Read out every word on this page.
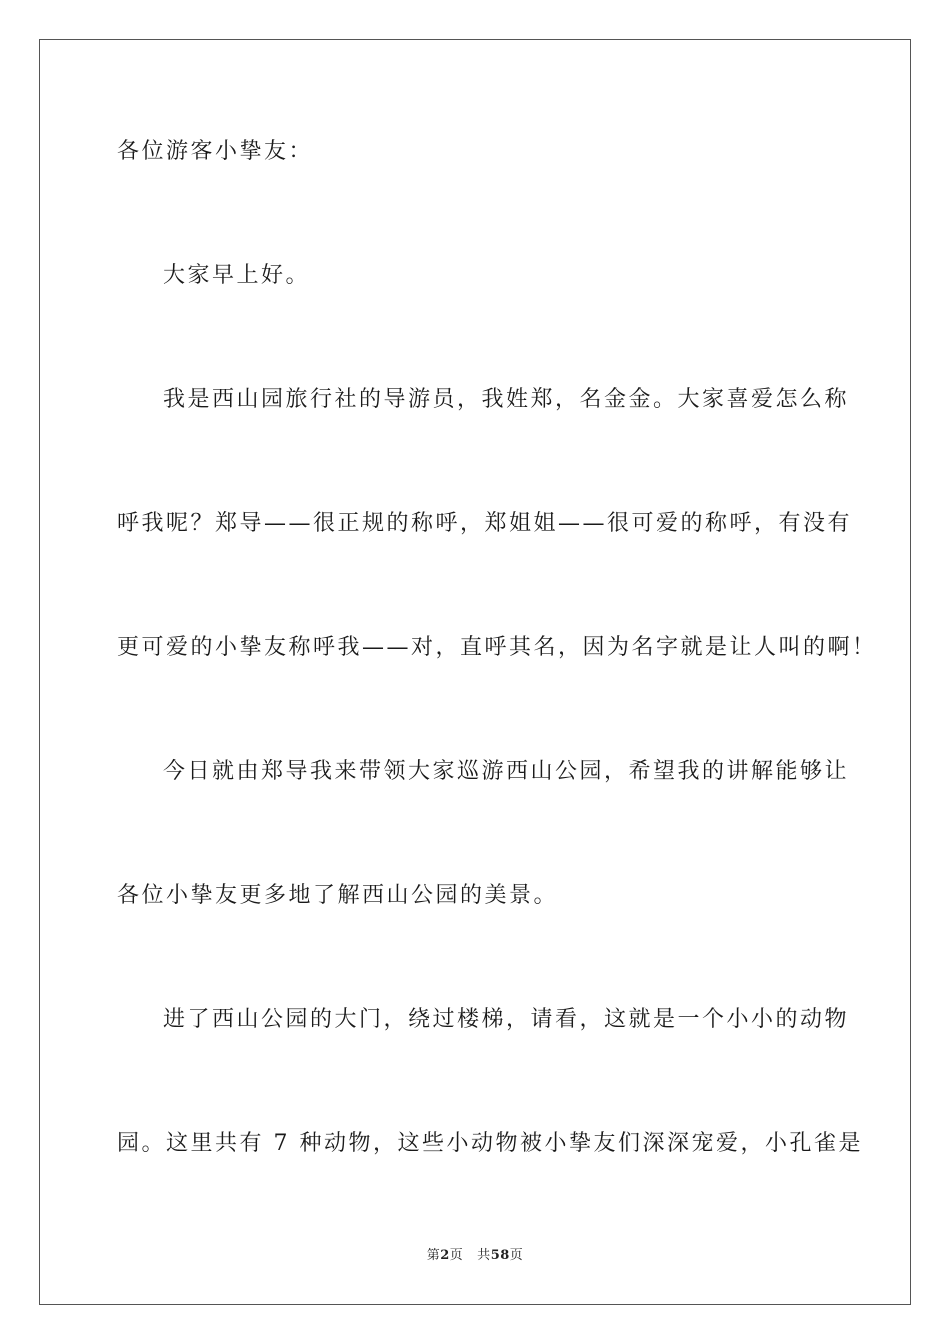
各位游客小挚友：
大家早上好。
我是西山园旅行社的导游员，我姓郑，名金金。大家喜爱怎么称
呼我呢？郑导——很正规的称呼，郑姐姐——很可爱的称呼，有没有
更可爱的小挚友称呼我——对，直呼其名，因为名字就是让人叫的啊！
今日就由郑导我来带领大家巡游西山公园，希望我的讲解能够让
各位小挚友更多地了解西山公园的美景。
进了西山公园的大门，绕过楼梯，请看，这就是一个小小的动物
园。这里共有 7 种动物，这些小动物被小挚友们深深宠爱，小孔雀是
第2页 共58页
